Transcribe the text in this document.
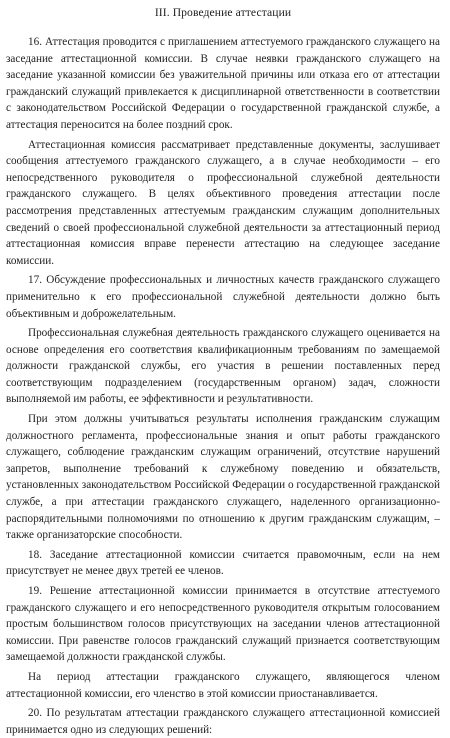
III. Проведение аттестации

16. Аттестация проводится с приглашением аттестуемого гражданского служащего на заседание аттестационной комиссии. В случае неявки гражданского служащего на заседание указанной комиссии без уважительной причины или отказа его от аттестации гражданский служащий привлекается к дисциплинарной ответственности в соответствии с законодательством Российской Федерации о государственной гражданской службе, а аттестация переносится на более поздний срок.

Аттестационная комиссия рассматривает представленные документы, заслушивает сообщения аттестуемого гражданского служащего, а в случае необходимости – его непосредственного руководителя о профессиональной служебной деятельности гражданского служащего. В целях объективного проведения аттестации после рассмотрения представленных аттестуемым гражданским служащим дополнительных сведений о своей профессиональной служебной деятельности за аттестационный период аттестационная комиссия вправе перенести аттестацию на следующее заседание комиссии.

17. Обсуждение профессиональных и личностных качеств гражданского служащего применительно к его профессиональной служебной деятельности должно быть объективным и доброжелательным.

Профессиональная служебная деятельность гражданского служащего оценивается на основе определения его соответствия квалификационным требованиям по замещаемой должности гражданской службы, его участия в решении поставленных перед соответствующим подразделением (государственным органом) задач, сложности выполняемой им работы, ее эффективности и результативности.

При этом должны учитываться результаты исполнения гражданским служащим должностного регламента, профессиональные знания и опыт работы гражданского служащего, соблюдение гражданским служащим ограничений, отсутствие нарушений запретов, выполнение требований к служебному поведению и обязательств, установленных законодательством Российской Федерации о государственной гражданской службе, а при аттестации гражданского служащего, наделенного организационно-распорядительными полномочиями по отношению к другим гражданским служащим, – также организаторские способности.

18. Заседание аттестационной комиссии считается правомочным, если на нем присутствует не менее двух третей ее членов.

19. Решение аттестационной комиссии принимается в отсутствие аттестуемого гражданского служащего и его непосредственного руководителя открытым голосованием простым большинством голосов присутствующих на заседании членов аттестационной комиссии. При равенстве голосов гражданский служащий признается соответствующим замещаемой должности гражданской службы.

На период аттестации гражданского служащего, являющегося членом аттестационной комиссии, его членство в этой комиссии приостанавливается.

20. По результатам аттестации гражданского служащего аттестационной комиссией принимается одно из следующих решений:
